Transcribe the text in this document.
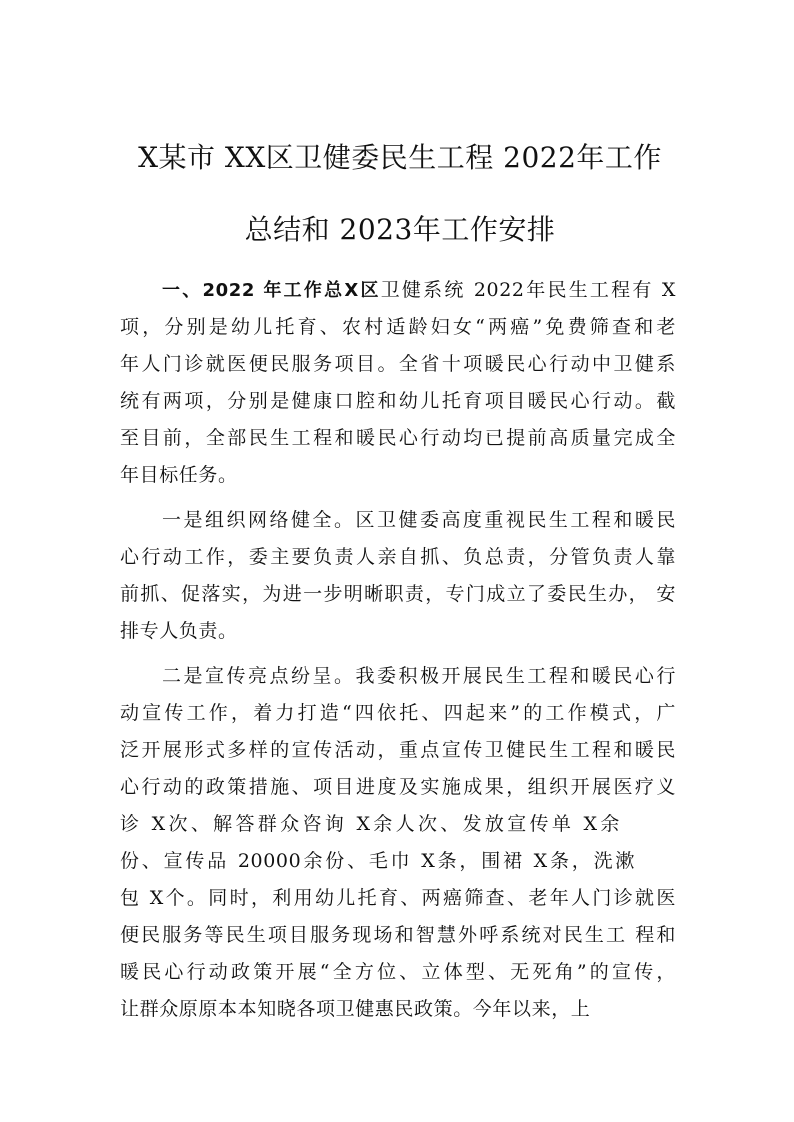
X某市 XX区卫健委民生工程 2022年工作
总结和 2023年工作安排
一、2022 年工作总X区卫健系统 2022年民生工程有 X
项，分别是幼儿托育、农村适龄妇女“两癌”免费筛查和老
年人门诊就医便民服务项目。全省十项暖民心行动中卫健系
统有两项，分别是健康口腔和幼儿托育项目暖民心行动。截
至目前，全部民生工程和暖民心行动均已提前高质量完成全
年目标任务。
一是组织网络健全。区卫健委高度重视民生工程和暖民
心行动工作，委主要负责人亲自抓、负总责，分管负责人靠
前抓、促落实，为进一步明晰职责，专门成立了委民生办， 安
排专人负责。
二是宣传亮点纷呈。我委积极开展民生工程和暖民心行
动宣传工作，着力打造“四依托、四起来”的工作模式，广
泛开展形式多样的宣传活动，重点宣传卫健民生工程和暖民
心行动的政策措施、项目进度及实施成果，组织开展医疗义
诊 X次、解答群众咨询 X余人次、发放宣传单 X余
份、宣传品 20000余份、毛巾 X条，围裙 X条，洗漱
包 X个。同时，利用幼儿托育、两癌筛查、老年人门诊就医
便民服务等民生项目服务现场和智慧外呼系统对民生工 程和
暖民心行动政策开展“全方位、立体型、无死角”的宣传，
让群众原原本本知晓各项卫健惠民政策。今年以来，上
